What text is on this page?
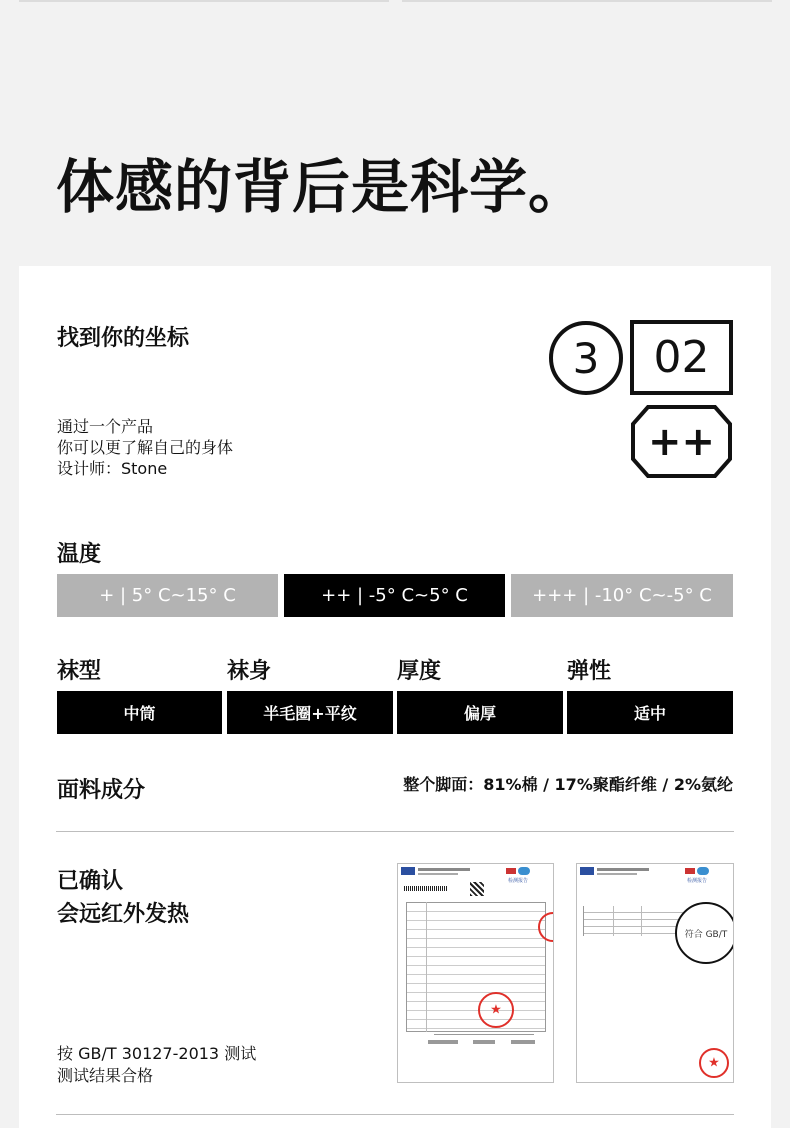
体感的背后是科学。
找到你的坐标
通过一个产品
你可以更了解自己的身体
设计师：Stone
3	02
++
温度
+ | 5° C~15° C	++ | -5° C~5° C	+++ | -10° C~-5° C
袜型	袜身	厚度	弹性
中筒	半毛圈+平纹	偏厚	适中
面料成分	整个脚面：81%棉 / 17%聚酯纤维 / 2%氨纶
已确认
会远红外发热
按 GB/T 30127-2013 测试
测试结果合格
检测报告
★
检测报告
符合 GB/T
★
